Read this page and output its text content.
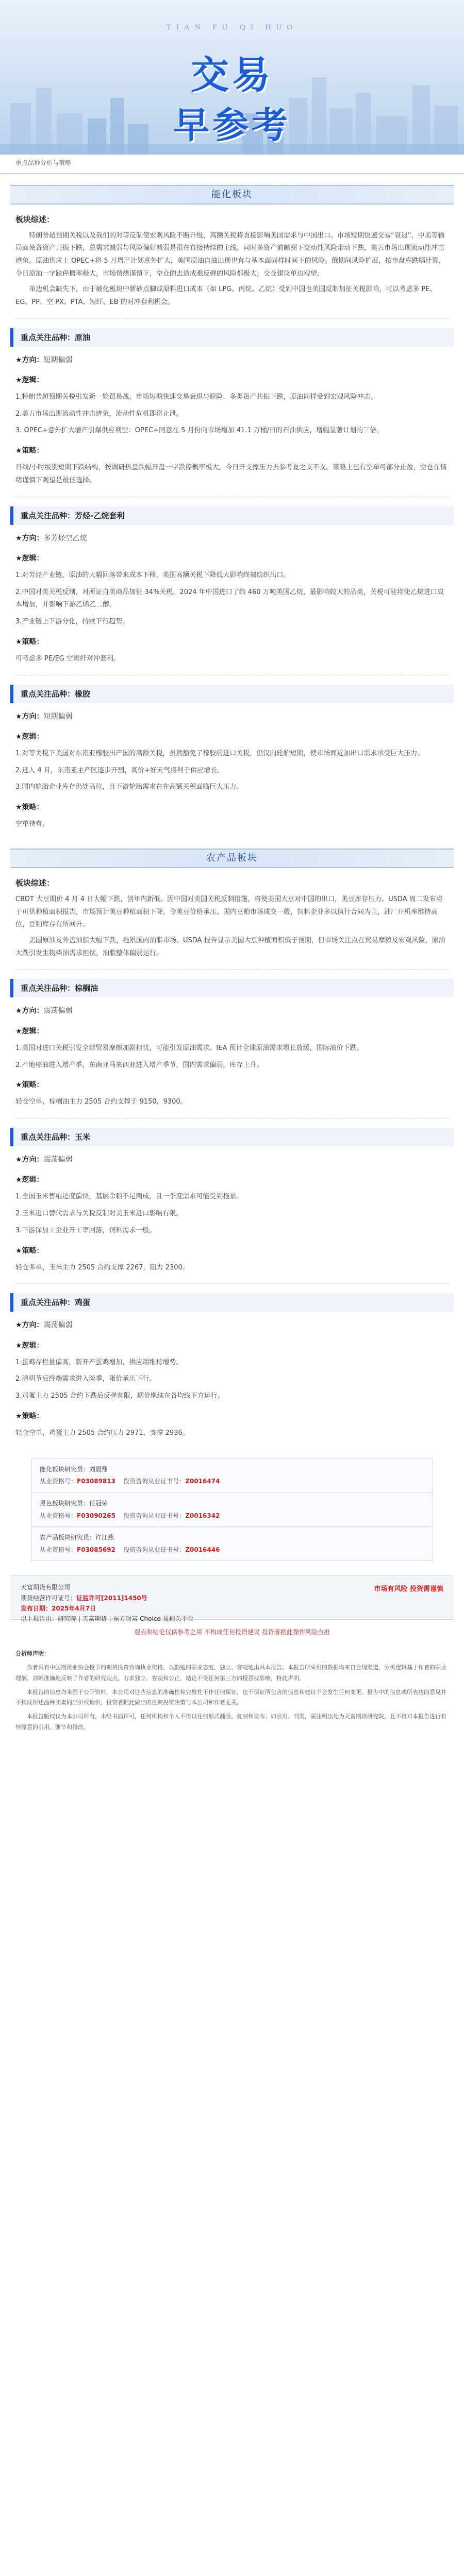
TIAN FU QI HUO
交易
早参考
重点品种分析与策略
能化板块
板块综述：
特朗普超预期关税以及我们的对等反制使宏观风险不断升级，高额关税将直接影响美国需求与中国出口。市场短期快速交易“衰退”，中美等输局面使各资产共振下跌，总需求减弱与风险偏好减弱是很在直接持续的主线。同时多资产前瞻潮下交动性风险带动下跌，美五市场出现流动性冲击迹象。原油供应上 OPEC+将 5 月增产计划意外扩大，美国原油自油出现也有与基本面同样时间下的风险。俄期间风险扩展，按市盘库跌幅计算，令日原油一字跌停概率极大，市场情绪谨慎下，空仓的去造成难反弹的风险都极大，交仓建议单边观望。
单边机会缺失下，由于敏化板块中新砂点脚或原料进口成本（如 LPG、丙烷、乙烷）受到中国也美国反制加征关税影响，可以考虑多 PE、EG、PP、空 PX、PTA、短纤、EB 的对冲套利机会。
重点关注品种：原油
★方向：短期偏弱
★逻辑：
1.特朗普超预期关税引发新一轮贸易战，市场短期快速交易衰退与避险，多类资产共振下跌，原油同样受到宏观风险冲击。
2.美五市场出现流动性冲击迹象，流动性危机即将止泄。
3. OPEC+意外扩大增产引爆供应利空：OPEC+同意在 5 月份向市场增加 41.1 万桶/日的石油供应，增幅显著计划的三倍。
★策略：
日线/小时级别短期下跌结构，按调研热盘跌幅开盘一字跌停概率极大，今日开支撑压力去参考夏之支不支。策略上已有空单可部分止盈，空仓在情绪谨慎下观望是最佳选择。
重点关注品种：芳烃-乙烷套利
★方向：多芳烃空乙烷
★逻辑：
1.对芳烃产业链，原油的大幅回落带来成本下移，美国高额关税下降低大影响终端纺织出口。
2.中国对美关税反制，对所证自美商品加征 34%关税，2024 年中国进口了约 460 万吨美国乙烷，最影响较大的品类，关税可能将使乙烷进口成本增加，并影响下游乙烯乙二醇。
3.产业链上下游分化，持续下行趋势。
★策略：
可考虑多 PE/EG 空短纤对冲套利。
重点关注品种：橡胶
★方向：短期偏弱
★逻辑：
1.对等关税下美国对东南亚橡胶出产国的高额关税，虽然豁免了橡胶的进口关税，但汉向轮胎短期，使市场面近加出口需求承受巨大压力。
2.进入 4 月，东南亚主产区逐步开割，高价+好天气将利于供应增长。
3.国内轮胎企业库存仍处高位，且下游轮胎需求在在高额关税面临巨大压力。
★策略：
空单持有。
农产品板块
板块综述：
CBOT 大豆期价 4 月 4 日大幅下跌，创年内新低。因中国对美国关税反制措施，将使美国大豆对中国的出口，美豆库存压力。USDA 周二发布将于可供种植面积报告，市场预计美豆种植面积下降，令美豆价格承压。国内豆粕市场成交一般，饲料企业多以执行合同为主，油厂开机率维持高位，豆粕库存有所回升。
美国原油及外盘油脂大幅下跌，拖累国内油脂市场。USDA 报告显示美国大豆种植面积低于预期，但市场关注点在贸易摩擦及宏观风险，原油大跌引发生物柴油需求担忧，油脂整体偏弱运行。
重点关注品种：棕榈油
★方向：震荡偏弱
★逻辑：
1.美国对进口关税引发全球贸易摩擦加剧担忧，可能引发原油需求。IEA 预计全球原油需求增长放缓，国际油价下跌。
2.产地棕油进入增产季，东南亚马来西亚进入增产季节，国内需求偏弱，库存上升。
★策略：
轻仓空单，棕榈油主力 2505 合约支撑于 9150，9300。
重点关注品种：玉米
★方向：震荡偏弱
★逻辑：
1.全国玉米售粮进度偏快，基层余粮不足两成，且一季度需求可能受到拖累。
2.玉米进口替代需求与关税反制对美玉米进口影响有限。
3.下游深加工企业开工率回落，饲料需求一般。
★策略：
轻仓多单，玉米主力 2505 合约支撑 2267，阻力 2300。
重点关注品种：鸡蛋
★方向：震荡偏弱
★逻辑：
1.蛋鸡存栏量偏高，新开产蛋鸡增加，供应端维持增势。
2.清明节后终端需求进入淡季，蛋价承压下行。
3.鸡蛋主力 2505 合约下跌后反弹有限，期价继续在各均线下方运行。
★策略：
轻仓空单，鸡蛋主力 2505 合约压力 2971，支撑 2936。
能化板块研究员：刘晨翔
从业资格号：F03089813 投资咨询从业证书号：Z0016474
黑色板块研究员：任冠荣
从业资格号：F03090265 投资咨询从业证书号：Z0016342
农产品板块研究员：许江燕
从业资格号：F03085692 投资咨询从业证书号：Z0016446
天富期货有限公司
期货经营许可证号：证监许可[2011]1450号
发布日期：2025年4月7日
以上报告由：研究院 | 天富期货 | 东方财富 Choice 及相关平台
市场有风险 投资需谨慎
观点和结论仅供参考之用 不构成任何投资建议 投资者据此操作风险自担
分析师声明：

作者具有中国期货业协会授予的期货投资咨询执业资格，以勤勉的职业态度，独立、客观地出具本报告。本报告所采用的数据均来自合规渠道，分析逻辑基于作者的职业理解，清晰准确地反映了作者的研究观点，力求独立、客观和公正，结论不受任何第三方的授意或影响，特此声明。

本报告的信息均来源于公开资料，本公司对这些信息的准确性和完整性不作任何保证，也不保证所包含的信息和建议不会发生任何变更。报告中的信息或所表达的意见并不构成所述品种买卖的出价或询价，投资者据此做出的任何投资决策与本公司和作者无关。

本报告版权仅为本公司所有，未经书面许可，任何机构和个人不得以任何形式翻版、复制和发布。如引用、刊发，需注明出处为天富期货研究院，且不得对本报告进行有悖原意的引用、删节和修改。
